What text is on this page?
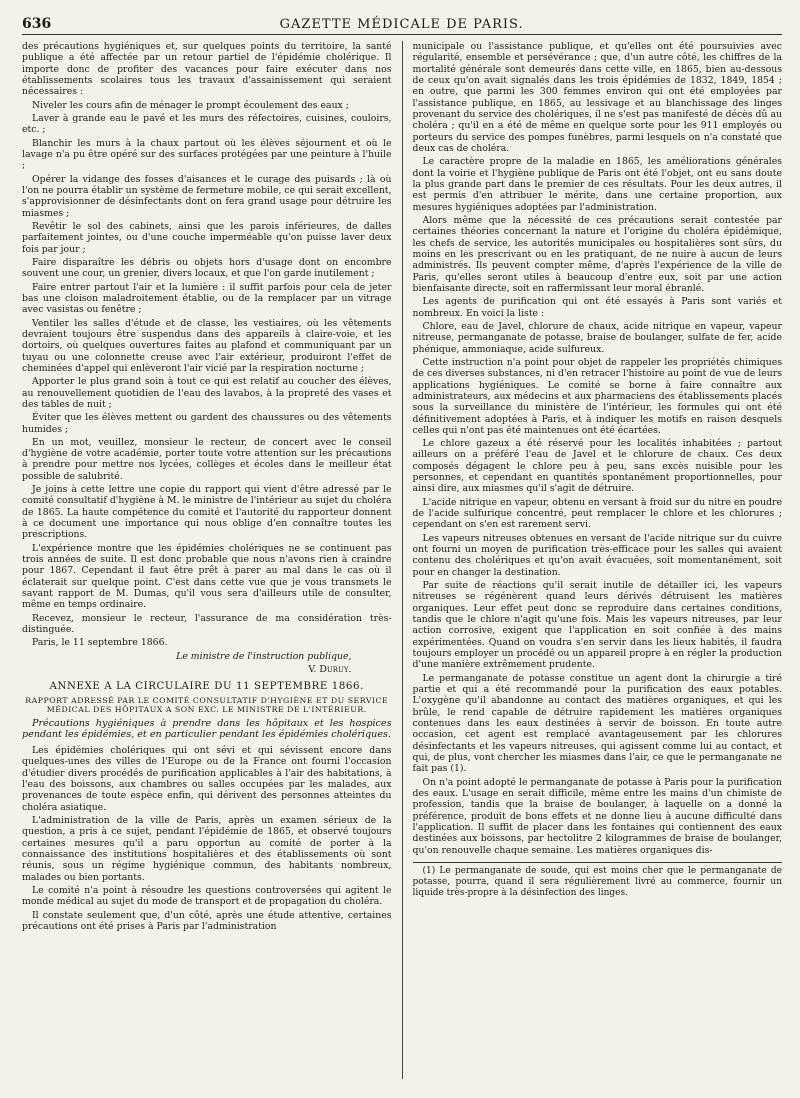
636	GAZETTE MÉDICALE DE PARIS.

des précautions hygiéniques et, sur quelques points du territoire, la santé publique a été affectée par un retour partiel de l'épidémie cholérique. Il importe donc de profiter des vacances pour faire exécuter dans nos établissements scolaires tous les travaux d'assainissement qui seraient nécessaires :

Niveler les cours afin de ménager le prompt écoulement des eaux ;

Laver à grande eau le pavé et les murs des réfectoires, cuisines, couloirs, etc. ;

Blanchir les murs à la chaux partout où les élèves séjournent et où le lavage n'a pu être opéré sur des surfaces protégées par une peinture à l'huile ;

Opérer la vidange des fosses d'aisances et le curage des puisards ; là où l'on ne pourra établir un système de fermeture mobile, ce qui serait excellent, s'approvisionner de désinfectants dont on fera grand usage pour détruire les miasmes ;

Revêtir le sol des cabinets, ainsi que les parois inférieures, de dalles parfaitement jointes, ou d'une couche imperméable qu'on puisse laver deux fois par jour ;

Faire disparaître les débris ou objets hors d'usage dont on encombre souvent une cour, un grenier, divers locaux, et que l'on garde inutilement ;

Faire entrer partout l'air et la lumière : il suffit parfois pour cela de jeter bas une cloison maladroitement établie, ou de la remplacer par un vitrage avec vasistas ou fenêtre ;

Ventiler les salles d'étude et de classe, les vestiaires, où les vêtements devraient toujours être suspendus dans des appareils à claire-voie, et les dortoirs, où quelques ouvertures faites au plafond et communiquant par un tuyau ou une colonnette creuse avec l'air extérieur, produiront l'effet de cheminées d'appel qui enlèveront l'air vicié par la respiration nocturne ;

Apporter le plus grand soin à tout ce qui est relatif au coucher des élèves, au renouvellement quotidien de l'eau des lavabos, à la propreté des vases et des tables de nuit ;

Éviter que les élèves mettent ou gardent des chaussures ou des vêtements humides ;

En un mot, veuillez, monsieur le recteur, de concert avec le conseil d'hygiène de votre académie, porter toute votre attention sur les précautions à prendre pour mettre nos lycées, collèges et écoles dans le meilleur état possible de salubrité.

Je joins à cette lettre une copie du rapport qui vient d'être adressé par le comité consultatif d'hygiène à M. le ministre de l'intérieur au sujet du choléra de 1865. La haute compétence du comité et l'autorité du rapporteur donnent à ce document une importance qui nous oblige d'en connaître toutes les prescriptions.

L'expérience montre que les épidémies cholériques ne se continuent pas trois années de suite. Il est donc probable que nous n'avons rien à craindre pour 1867. Cependant il faut être prêt à parer au mal dans le cas où il éclaterait sur quelque point. C'est dans cette vue que je vous transmets le savant rapport de M. Dumas, qu'il vous sera d'ailleurs utile de consulter, même en temps ordinaire.

Recevez, monsieur le recteur, l'assurance de ma considération très-distinguée.

Paris, le 11 septembre 1866.

Le ministre de l'instruction publique,

V. Duruy.

ANNEXE A LA CIRCULAIRE DU 11 SEPTEMBRE 1866.
RAPPORT ADRESSÉ PAR LE COMITÉ CONSULTATIF D'HYGIÈNE ET DU SERVICE MÉDICAL DES HÔPITAUX A SON EXC. LE MINISTRE DE L'INTÉRIEUR.
Précautions hygiéniques à prendre dans les hôpitaux et les hospices pendant les épidémies, et en particulier pendant les épidémies cholériques.

Les épidémies cholériques qui ont sévi et qui sévissent encore dans quelques-unes des villes de l'Europe ou de la France ont fourni l'occasion d'étudier divers procédés de purification applicables à l'air des habitations, à l'eau des boissons, aux chambres ou salles occupées par les malades, aux provenances de toute espèce enfin, qui dérivent des personnes atteintes du choléra asiatique.

L'administration de la ville de Paris, après un examen sérieux de la question, a pris à ce sujet, pendant l'épidémie de 1865, et observé toujours certaines mesures qu'il a paru opportun au comité de porter à la connaissance des institutions hospitalières et des établissements où sont réunis, sous un régime hygiénique commun, des habitants nombreux, malades ou bien portants.

Le comité n'a point à résoudre les questions controversées qui agitent le monde médical au sujet du mode de transport et de propagation du choléra.

Il constate seulement que, d'un côté, après une étude attentive, certaines précautions ont été prises à Paris par l'administration

municipale ou l'assistance publique, et qu'elles ont été poursuivies avec régularité, ensemble et persévérance ; que, d'un autre côté, les chiffres de la mortalité générale sont demeurés dans cette ville, en 1865, bien au-dessous de ceux qu'on avait signalés dans les trois épidémies de 1832, 1849, 1854 ; en outre, que parmi les 300 femmes environ qui ont été employées par l'assistance publique, en 1865, au lessivage et au blanchissage des linges provenant du service des cholériques, il ne s'est pas manifesté de décès dû au choléra ; qu'il en a été de même en quelque sorte pour les 911 employés ou porteurs du service des pompes funèbres, parmi lesquels on n'a constaté que deux cas de choléra.

Le caractère propre de la maladie en 1865, les améliorations générales dont la voirie et l'hygiène publique de Paris ont été l'objet, ont eu sans doute la plus grande part dans le premier de ces résultats. Pour les deux autres, il est permis d'en attribuer le mérite, dans une certaine proportion, aux mesures hygiéniques adoptées par l'administration.

Alors même que la nécessité de ces précautions serait contestée par certaines théories concernant la nature et l'origine du choléra épidémique, les chefs de service, les autorités municipales ou hospitalières sont sûrs, du moins en les prescrivant ou en les pratiquant, de ne nuire à aucun de leurs administrés. Ils peuvent compter même, d'après l'expérience de la ville de Paris, qu'elles seront utiles à beaucoup d'entre eux, soit par une action bienfaisante directe, soit en raffermissant leur moral ébranlé.

Les agents de purification qui ont été essayés à Paris sont variés et nombreux. En voici la liste :

Chlore, eau de Javel, chlorure de chaux, acide nitrique en vapeur, vapeur nitreuse, permanganate de potasse, braise de boulanger, sulfate de fer, acide phénique, ammoniaque, acide sulfureux.

Cette instruction n'a point pour objet de rappeler les propriétés chimiques de ces diverses substances, ni d'en retracer l'histoire au point de vue de leurs applications hygiéniques. Le comité se borne à faire connaître aux administrateurs, aux médecins et aux pharmaciens des établissements placés sous la surveillance du ministère de l'intérieur, les formules qui ont été définitivement adoptées à Paris, et à indiquer les motifs en raison desquels celles qui n'ont pas été maintenues ont été écartées.

Le chlore gazeux a été réservé pour les localités inhabitées ; partout ailleurs on a préféré l'eau de Javel et le chlorure de chaux. Ces deux composés dégagent le chlore peu à peu, sans excès nuisible pour les personnes, et cependant en quantités spontanément proportionnelles, pour ainsi dire, aux miasmes qu'il s'agit de détruire.

L'acide nitrique en vapeur, obtenu en versant à froid sur du nitre en poudre de l'acide sulfurique concentré, peut remplacer le chlore et les chlorures ; cependant on s'en est rarement servi.

Les vapeurs nitreuses obtenues en versant de l'acide nitrique sur du cuivre ont fourni un moyen de purification très-efficace pour les salles qui avaient contenu des cholériques et qu'on avait évacuées, soit momentanément, soit pour en changer la destination.

Par suite de réactions qu'il serait inutile de détailler ici, les vapeurs nitreuses se régénèrent quand leurs dérivés détruisent les matières organiques. Leur effet peut donc se reproduire dans certaines conditions, tandis que le chlore n'agit qu'une fois. Mais les vapeurs nitreuses, par leur action corrosive, exigent que l'application en soit confiée à des mains expérimentées. Quand on voudra s'en servir dans les lieux habités, il faudra toujours employer un procédé ou un appareil propre à en régler la production d'une manière extrêmement prudente.

Le permanganate de potasse constitue un agent dont la chirurgie a tiré partie et qui a été recommandé pour la purification des eaux potables. L'oxygène qu'il abandonne au contact des matières organiques, et qui les brûle, le rend capable de détruire rapidement les matières organiques contenues dans les eaux destinées à servir de boisson. En toute autre occasion, cet agent est remplacé avantageusement par les chlorures désinfectants et les vapeurs nitreuses, qui agissent comme lui au contact, et qui, de plus, vont chercher les miasmes dans l'air, ce que le permanganate ne fait pas (1).

On n'a point adopté le permanganate de potasse à Paris pour la purification des eaux. L'usage en serait difficile, même entre les mains d'un chimiste de profession, tandis que la braise de boulanger, à laquelle on a donné la préférence, produit de bons effets et ne donne lieu à aucune difficulté dans l'application. Il suffit de placer dans les fontaines qui contiennent des eaux destinées aux boissons, par hectolitre 2 kilogrammes de braise de boulanger, qu'on renouvelle chaque semaine. Les matières organiques dis-

(1) Le permanganate de soude, qui est moins cher que le permanganate de potasse, pourra, quand il sera régulièrement livré au commerce, fournir un liquide très-propre à la désinfection des linges.
